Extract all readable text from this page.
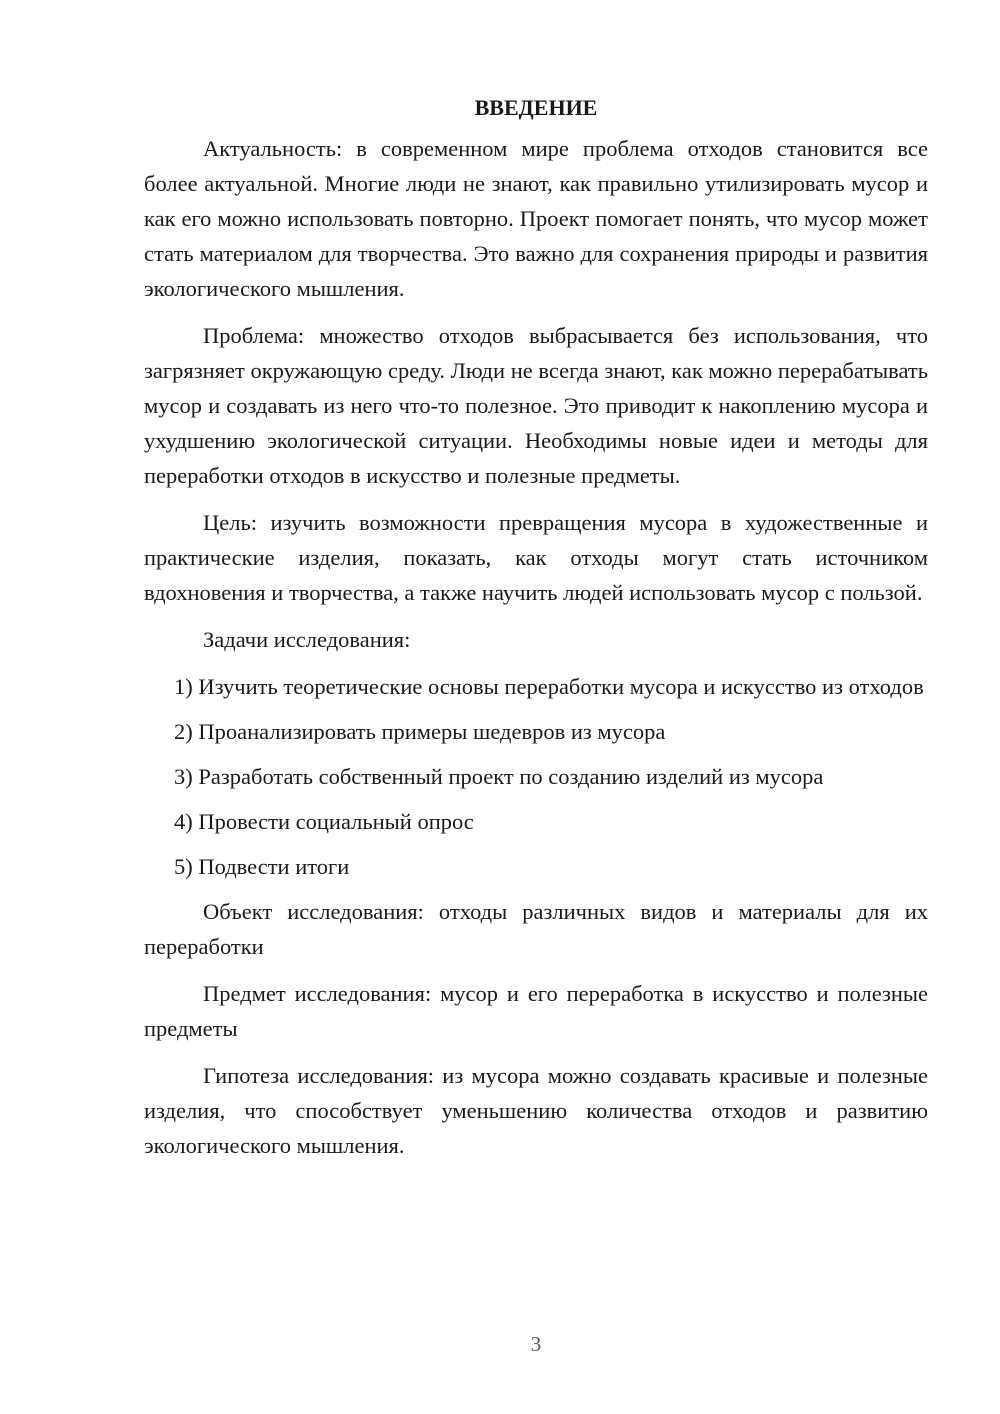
ВВЕДЕНИЕ

Актуальность: в современном мире проблема отходов становится все более актуальной. Многие люди не знают, как правильно утилизировать мусор и как его можно использовать повторно. Проект помогает понять, что мусор может стать материалом для творчества. Это важно для сохранения природы и развития экологического мышления.

Проблема: множество отходов выбрасывается без использования, что загрязняет окружающую среду. Люди не всегда знают, как можно перерабатывать мусор и создавать из него что-то полезное. Это приводит к накоплению мусора и ухудшению экологической ситуации. Необходимы новые идеи и методы для переработки отходов в искусство и полезные предметы.

Цель: изучить возможности превращения мусора в художественные и практические изделия, показать, как отходы могут стать источником вдохновения и творчества, а также научить людей использовать мусор с пользой.

Задачи исследования:

1) Изучить теоретические основы переработки мусора и искусство из отходов

2) Проанализировать примеры шедевров из мусора

3) Разработать собственный проект по созданию изделий из мусора

4) Провести социальный опрос

5) Подвести итоги

Объект исследования: отходы различных видов и материалы для их переработки

Предмет исследования: мусор и его переработка в искусство и полезные предметы

Гипотеза исследования: из мусора можно создавать красивые и полезные изделия, что способствует уменьшению количества отходов и развитию экологического мышления.

3
